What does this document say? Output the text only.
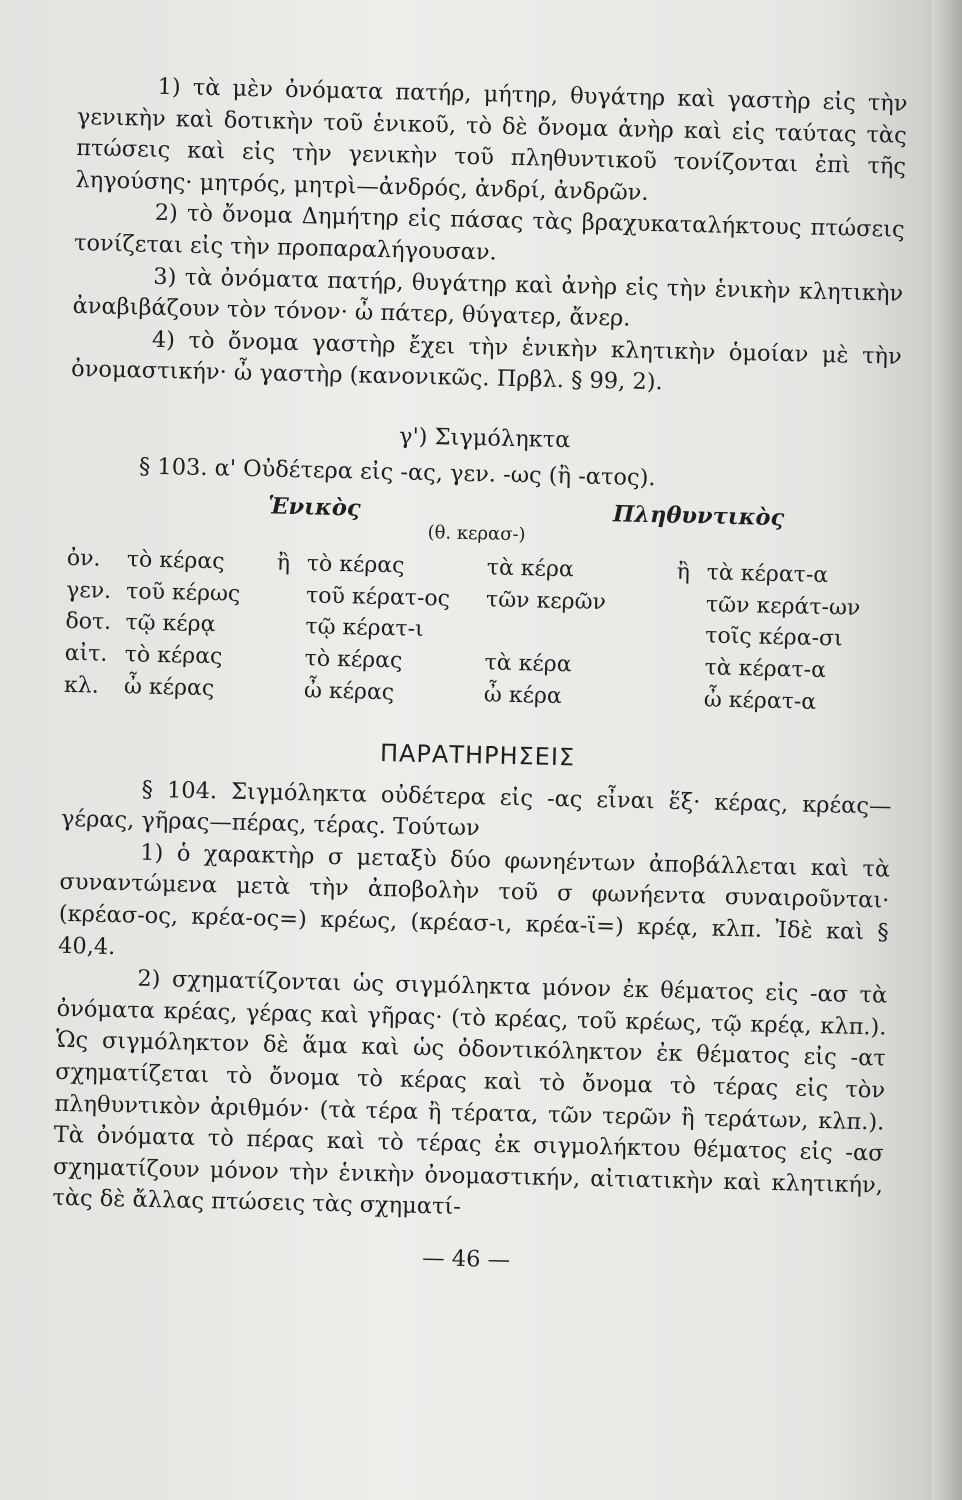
1) τὰ μὲν ὀνόματα πατήρ, μήτηρ, θυγάτηρ καὶ γαστὴρ εἰς τὴν γενικὴν καὶ δοτικὴν τοῦ ἑνικοῦ, τὸ δὲ ὄνομα ἀνὴρ καὶ εἰς ταύτας τὰς πτώσεις καὶ εἰς τὴν γενικὴν τοῦ πληθυντικοῦ τονίζονται ἐπὶ τῆς ληγούσης· μητρός, μητρὶ—ἀνδρός, ἀνδρί, ἀνδρῶν.

2) τὸ ὄνομα Δημήτηρ εἰς πάσας τὰς βραχυκαταλήκτους πτώσεις τονίζεται εἰς τὴν προπαραλήγουσαν.

3) τὰ ὀνόματα πατήρ, θυγάτηρ καὶ ἀνὴρ εἰς τὴν ἑνικὴν κλητικὴν ἀναβιβάζουν τὸν τόνον· ὦ πάτερ, θύγατερ, ἄνερ.

4) τὸ ὄνομα γαστὴρ ἔχει τὴν ἑνικὴν κλητικὴν ὁμοίαν μὲ τὴν ὀνομαστικήν· ὦ γαστὴρ (κανονικῶς. Πρβλ. § 99, 2).

γ') Σιγμόληκτα
§ 103. α' Οὐδέτερα εἰς -ας, γεν. -ως (ἢ -ατος).
Ἑνικὸς	Πληθυντικὸς
(θ. κερασ-)
ὀν.	τὸ κέρας	ἢ	τὸ κέρας	τὰ κέρα	ἢ	τὰ κέρατ-α
γεν.	τοῦ κέρως		τοῦ κέρατ-ος	τῶν κερῶν		τῶν κεράτ-ων
δοτ.	τῷ κέρᾳ		τῷ κέρατ-ι			τοῖς κέρα-σι
αἰτ.	τὸ κέρας		τὸ κέρας	τὰ κέρα		τὰ κέρατ-α
κλ.	ὦ κέρας		ὦ κέρας	ὦ κέρα		ὦ κέρατ-α
ΠΑΡΑΤΗΡΗΣΕΙΣ

§ 104. Σιγμόληκτα οὐδέτερα εἰς -ας εἶναι ἕξ· κέρας, κρέας—γέρας, γῆρας—πέρας, τέρας. Τούτων

1) ὁ χαρακτὴρ σ μεταξὺ δύο φωνηέντων ἀποβάλλεται καὶ τὰ συναντώμενα μετὰ τὴν ἀποβολὴν τοῦ σ φωνήεντα συναιροῦνται· (κρέασ-ος, κρέα-ος=) κρέως, (κρέασ-ι, κρέα-ϊ=) κρέᾳ, κλπ. Ἰδὲ καὶ § 40,4.

2) σχηματίζονται ὡς σιγμόληκτα μόνον ἐκ θέματος εἰς -ασ τὰ ὀνόματα κρέας, γέρας καὶ γῆρας· (τὸ κρέας, τοῦ κρέως, τῷ κρέᾳ, κλπ.). Ὡς σιγμόληκτον δὲ ἅμα καὶ ὡς ὀδοντικόληκτον ἐκ θέματος εἰς -ατ σχηματίζεται τὸ ὄνομα τὸ κέρας καὶ τὸ ὄνομα τὸ τέρας εἰς τὸν πληθυντικὸν ἀριθμόν· (τὰ τέρα ἢ τέρατα, τῶν τερῶν ἢ τεράτων, κλπ.). Τὰ ὀνόματα τὸ πέρας καὶ τὸ τέρας ἐκ σιγμολήκτου θέματος εἰς -ασ σχηματίζουν μόνον τὴν ἑνικὴν ὀνομαστικήν, αἰτιατικὴν καὶ κλητικήν, τὰς δὲ ἄλλας πτώσεις τὰς σχηματί-

— 46 —
